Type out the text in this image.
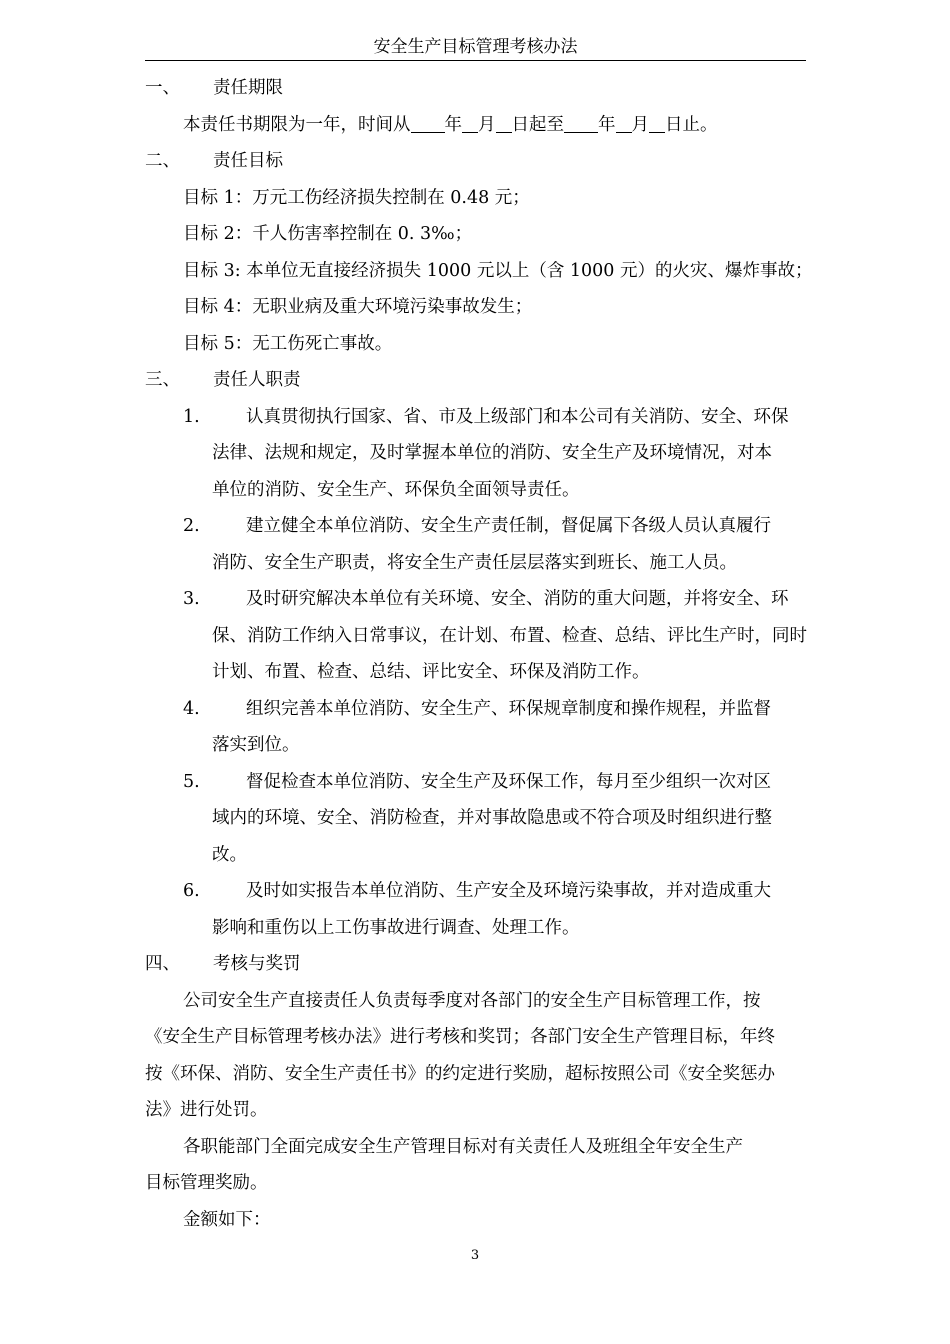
安全生产目标管理考核办法
一、 责任期限
本责任书期限为一年，时间从 年 月 日起至 年 月 日止。
二、 责任目标
目标 1：万元工伤经济损失控制在 0.48 元；
目标 2：千人伤害率控制在 0. 3‰；
目标 3: 本单位无直接经济损失 1000 元以上（含 1000 元）的火灾、爆炸事故；
目标 4：无职业病及重大环境污染事故发生；
目标 5：无工伤死亡事故。
三、 责任人职责
1.	认真贯彻执行国家、省、市及上级部门和本公司有关消防、安全、环保
法律、法规和规定，及时掌握本单位的消防、安全生产及环境情况，对本
单位的消防、安全生产、环保负全面领导责任。
2.	建立健全本单位消防、安全生产责任制，督促属下各级人员认真履行
消防、安全生产职责，将安全生产责任层层落实到班长、施工人员。
3.	及时研究解决本单位有关环境、安全、消防的重大问题，并将安全、环
保、消防工作纳入日常事议，在计划、布置、检查、总结、评比生产时，同时
计划、布置、检查、总结、评比安全、环保及消防工作。
4.	组织完善本单位消防、安全生产、环保规章制度和操作规程，并监督
落实到位。
5.	督促检查本单位消防、安全生产及环保工作，每月至少组织一次对区
域内的环境、安全、消防检查，并对事故隐患或不符合项及时组织进行整
改。
6.	及时如实报告本单位消防、生产安全及环境污染事故，并对造成重大
影响和重伤以上工伤事故进行调查、处理工作。
四、 考核与奖罚
公司安全生产直接责任人负责每季度对各部门的安全生产目标管理工作，按
《安全生产目标管理考核办法》进行考核和奖罚；各部门安全生产管理目标，年终
按《环保、消防、安全生产责任书》的约定进行奖励，超标按照公司《安全奖惩办
法》进行处罚。
各职能部门全面完成安全生产管理目标对有关责任人及班组全年安全生产
目标管理奖励。
金额如下：
3
